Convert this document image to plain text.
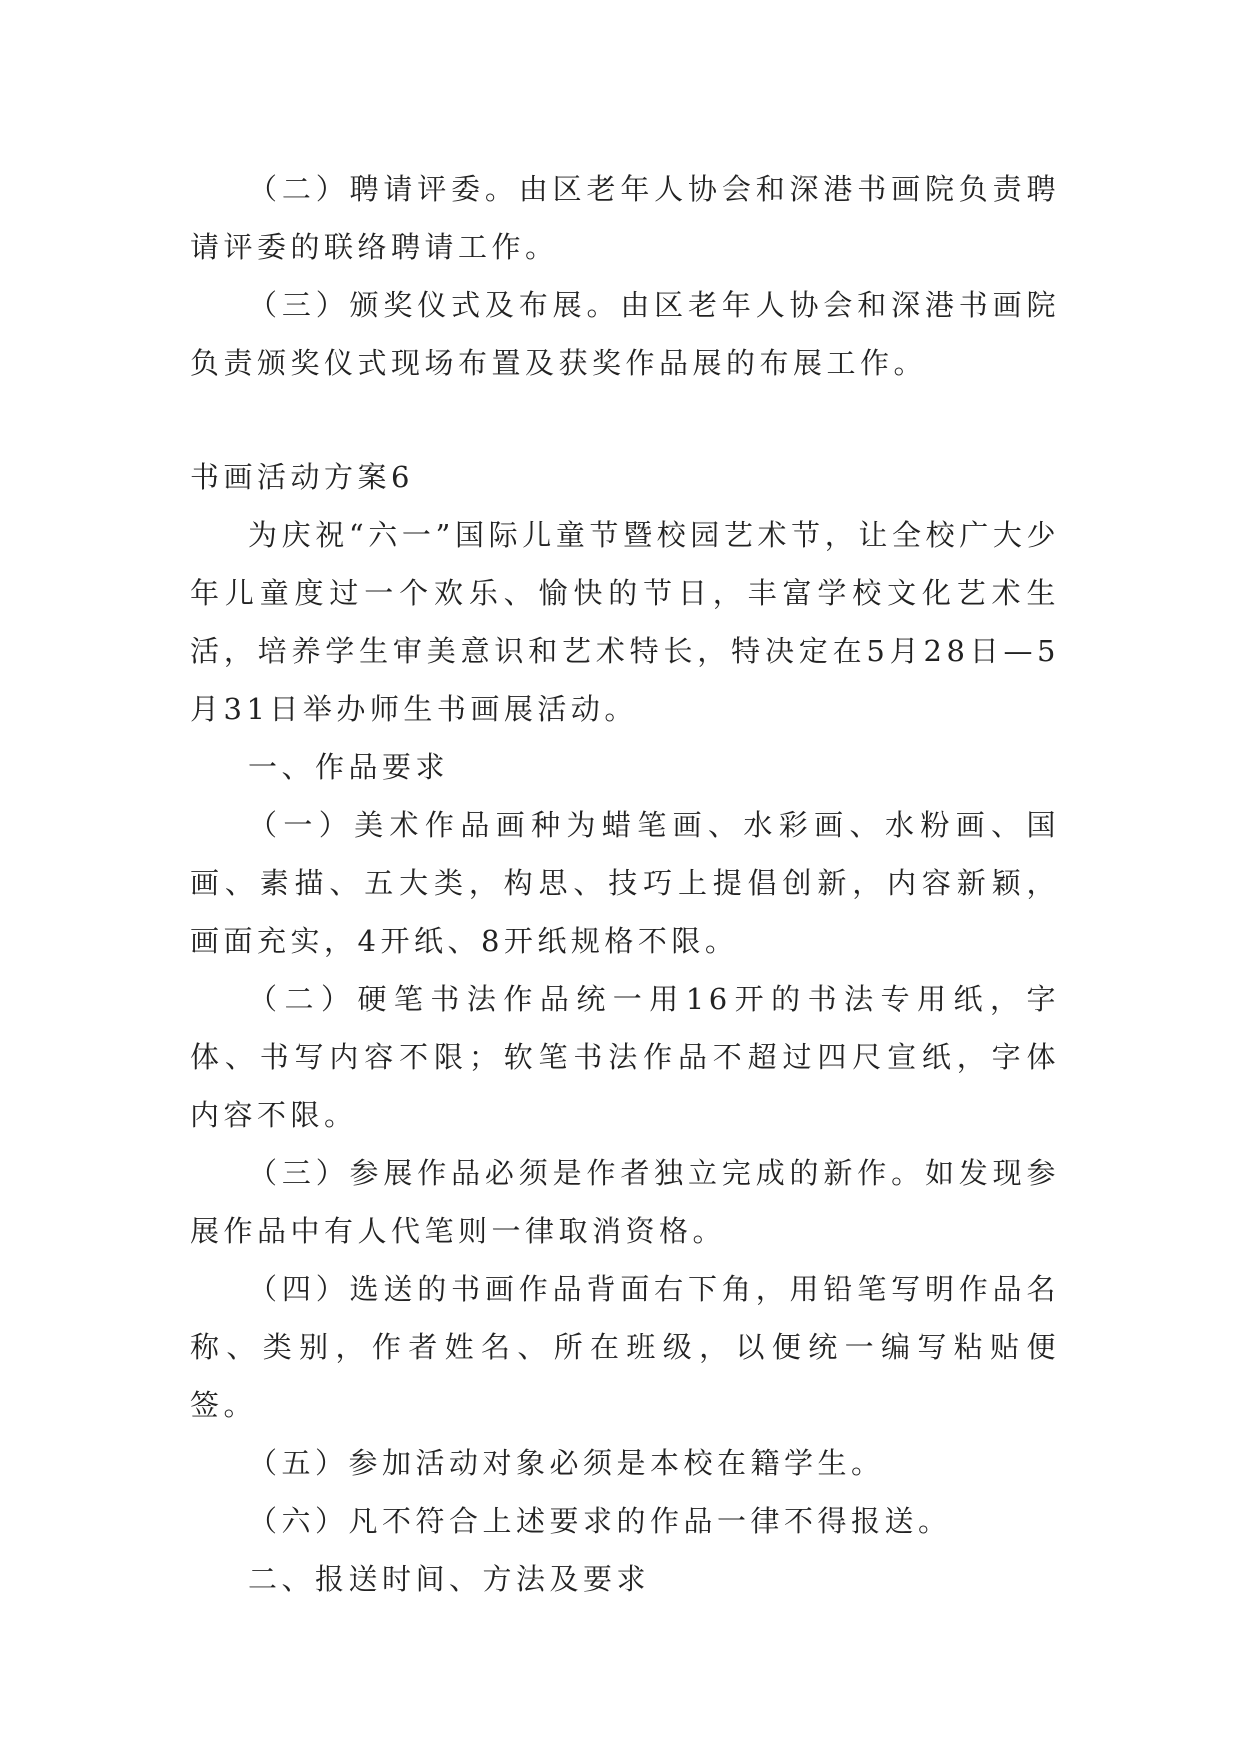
（二）聘请评委。由区老年人协会和深港书画院负责聘请评委的联络聘请工作。

（三）颁奖仪式及布展。由区老年人协会和深港书画院负责颁奖仪式现场布置及获奖作品展的布展工作。

书画活动方案6

为庆祝“六一”国际儿童节暨校园艺术节，让全校广大少年儿童度过一个欢乐、愉快的节日，丰富学校文化艺术生活，培养学生审美意识和艺术特长，特决定在5月28日—5月31日举办师生书画展活动。

一、作品要求

（一）美术作品画种为蜡笔画、水彩画、水粉画、国画、素描、五大类，构思、技巧上提倡创新，内容新颖，画面充实，4开纸、8开纸规格不限。

（二）硬笔书法作品统一用16开的书法专用纸，字体、书写内容不限；软笔书法作品不超过四尺宣纸，字体内容不限。

（三）参展作品必须是作者独立完成的新作。如发现参展作品中有人代笔则一律取消资格。

（四）选送的书画作品背面右下角，用铅笔写明作品名称、类别，作者姓名、所在班级，以便统一编写粘贴便签。

（五）参加活动对象必须是本校在籍学生。

（六）凡不符合上述要求的作品一律不得报送。

二、报送时间、方法及要求
